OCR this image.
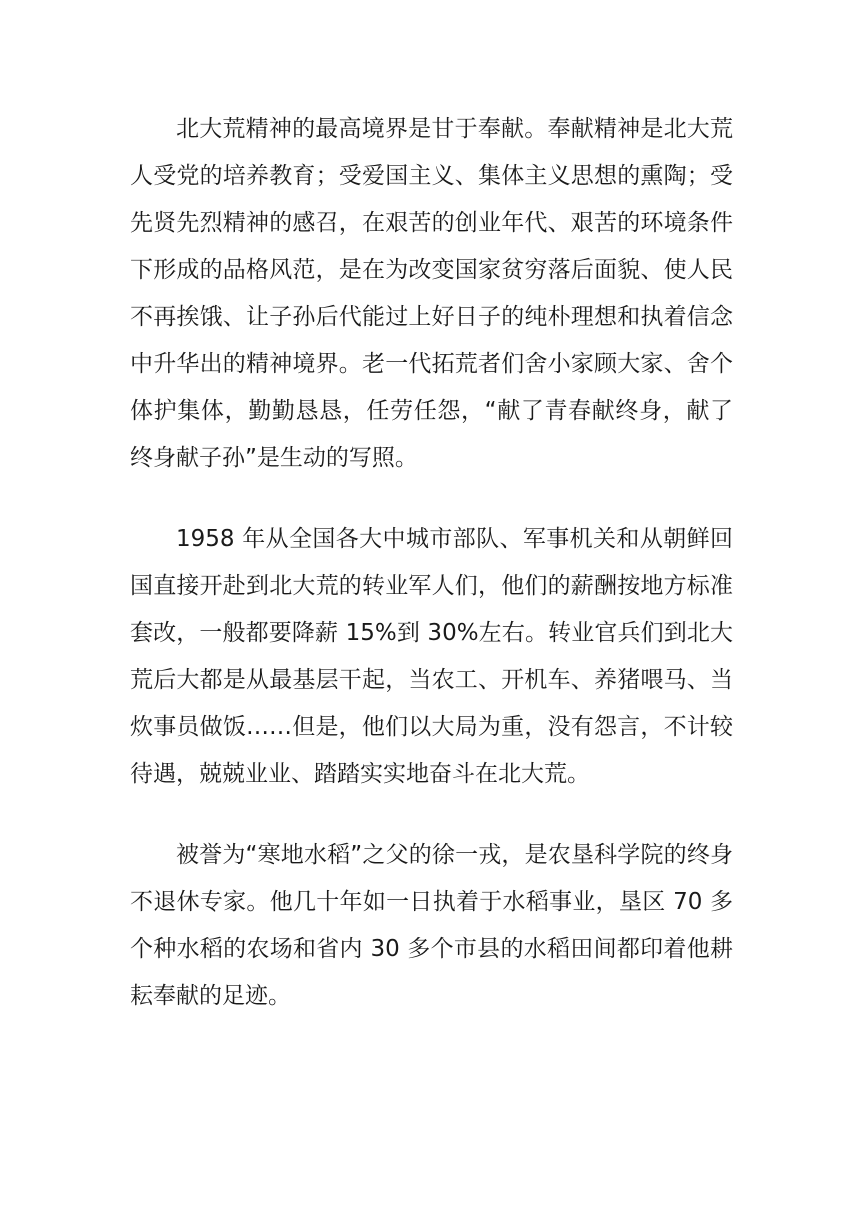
北大荒精神的最高境界是甘于奉献。奉献精神是北大荒人受党的培养教育；受爱国主义、集体主义思想的熏陶；受先贤先烈精神的感召，在艰苦的创业年代、艰苦的环境条件下形成的品格风范，是在为改变国家贫穷落后面貌、使人民不再挨饿、让子孙后代能过上好日子的纯朴理想和执着信念中升华出的精神境界。老一代拓荒者们舍小家顾大家、舍个体护集体，勤勤恳恳，任劳任怨，“献了青春献终身，献了终身献子孙”是生动的写照。

1958 年从全国各大中城市部队、军事机关和从朝鲜回国直接开赴到北大荒的转业军人们，他们的薪酬按地方标准套改，一般都要降薪 15%到 30%左右。转业官兵们到北大荒后大都是从最基层干起，当农工、开机车、养猪喂马、当炊事员做饭……但是，他们以大局为重，没有怨言，不计较待遇，兢兢业业、踏踏实实地奋斗在北大荒。

被誉为“寒地水稻”之父的徐一戎，是农垦科学院的终身不退休专家。他几十年如一日执着于水稻事业，垦区 70 多个种水稻的农场和省内 30 多个市县的水稻田间都印着他耕耘奉献的足迹。
